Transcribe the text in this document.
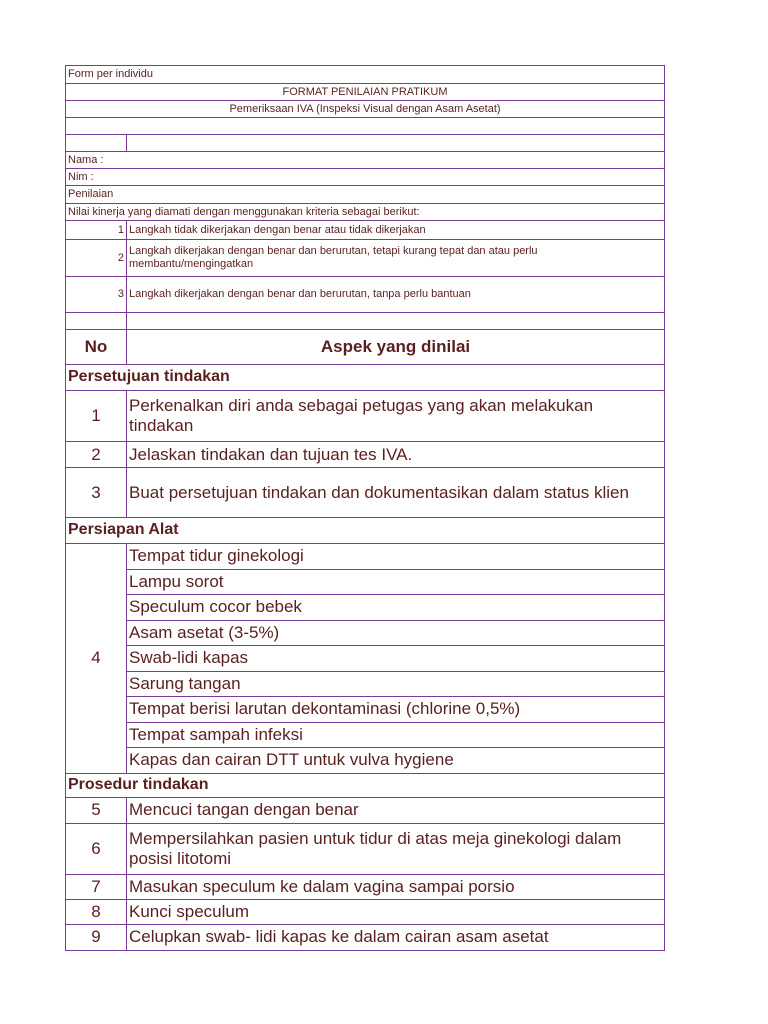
Form per individu	
FORMAT PENILAIAN PRATIKUM	
Pemeriksaan IVA (Inspeksi Visual dengan Asam Asetat)	

Nama :	
Nim :	
Penilaian	
Nilai kinerja yang diamati dengan menggunakan kriteria sebagai berikut:	
1	Langkah tidak dikerjakan dengan benar atau tidak dikerjakan
2	Langkah dikerjakan dengan benar dan berurutan, tetapi kurang tepat dan atau perlu membantu/mengingatkan
3	Langkah dikerjakan dengan benar dan berurutan, tanpa perlu bantuan

No	Aspek yang dinilai
Persetujuan tindakan	
1	Perkenalkan diri anda sebagai petugas yang akan melakukan tindakan
2	Jelaskan tindakan dan tujuan tes IVA.
3	Buat persetujuan tindakan dan dokumentasikan dalam status klien
Persiapan Alat	
4	Tempat tidur ginekologi
	Lampu sorot
	Speculum cocor bebek
	Asam asetat (3-5%)
	Swab-lidi kapas
	Sarung tangan
	Tempat berisi larutan dekontaminasi (chlorine 0,5%)
	Tempat sampah infeksi
	Kapas dan cairan DTT untuk vulva hygiene
Prosedur tindakan	
5	Mencuci tangan dengan benar
6	Mempersilahkan pasien untuk tidur di atas meja ginekologi dalam posisi litotomi
7	Masukan speculum ke dalam vagina sampai porsio
8	Kunci speculum
9	Celupkan swab- lidi kapas ke dalam cairan asam asetat
